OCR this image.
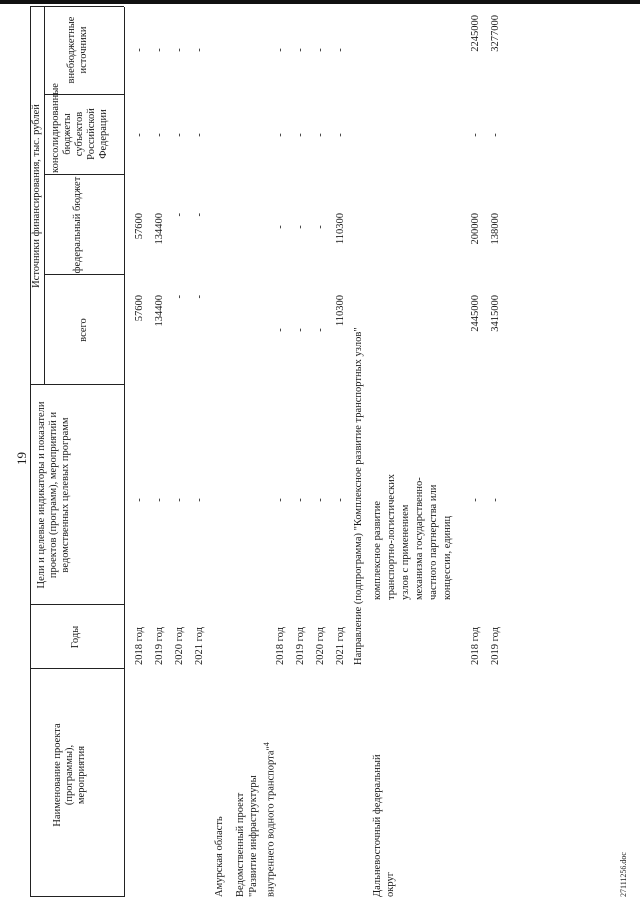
19
Наименование проекта (программы), мероприятия
Годы
Цели и целевые индикаторы и показатели проектов (программ), мероприятий и ведомственных целевых программ
Источники финансирования, тыс. рублей
всего
федеральный бюджет
консолидированные бюджеты субъектов Российской Федерации
внебюджетные источники
2018 год
-
57600
57600
-
-
2019 год
-
134400
134400
-
-
2020 год
-
-
-
-
-
2021 год
-
-
-
-
-
Амурская область Ведомственный проект "Развитие инфраструктуры внутреннего водного транспорта"$^4$
2018 год
-
-
-
-
-
2019 год
-
-
-
-
-
2020 год
-
-
-
-
-
2021 год
-
110300
110300
-
-
Направление (подпрограмма) "Комплексное развитие транспортных узлов"
Дальневосточный федеральный округ
комплексное развитие транспортно-логистических узлов с применением механизма государственно- частного партнерства или концессии, единиц
2018 год
-
2445000
200000
-
2245000
2019 год
-
3415000
138000
-
3277000
27111256.doc
